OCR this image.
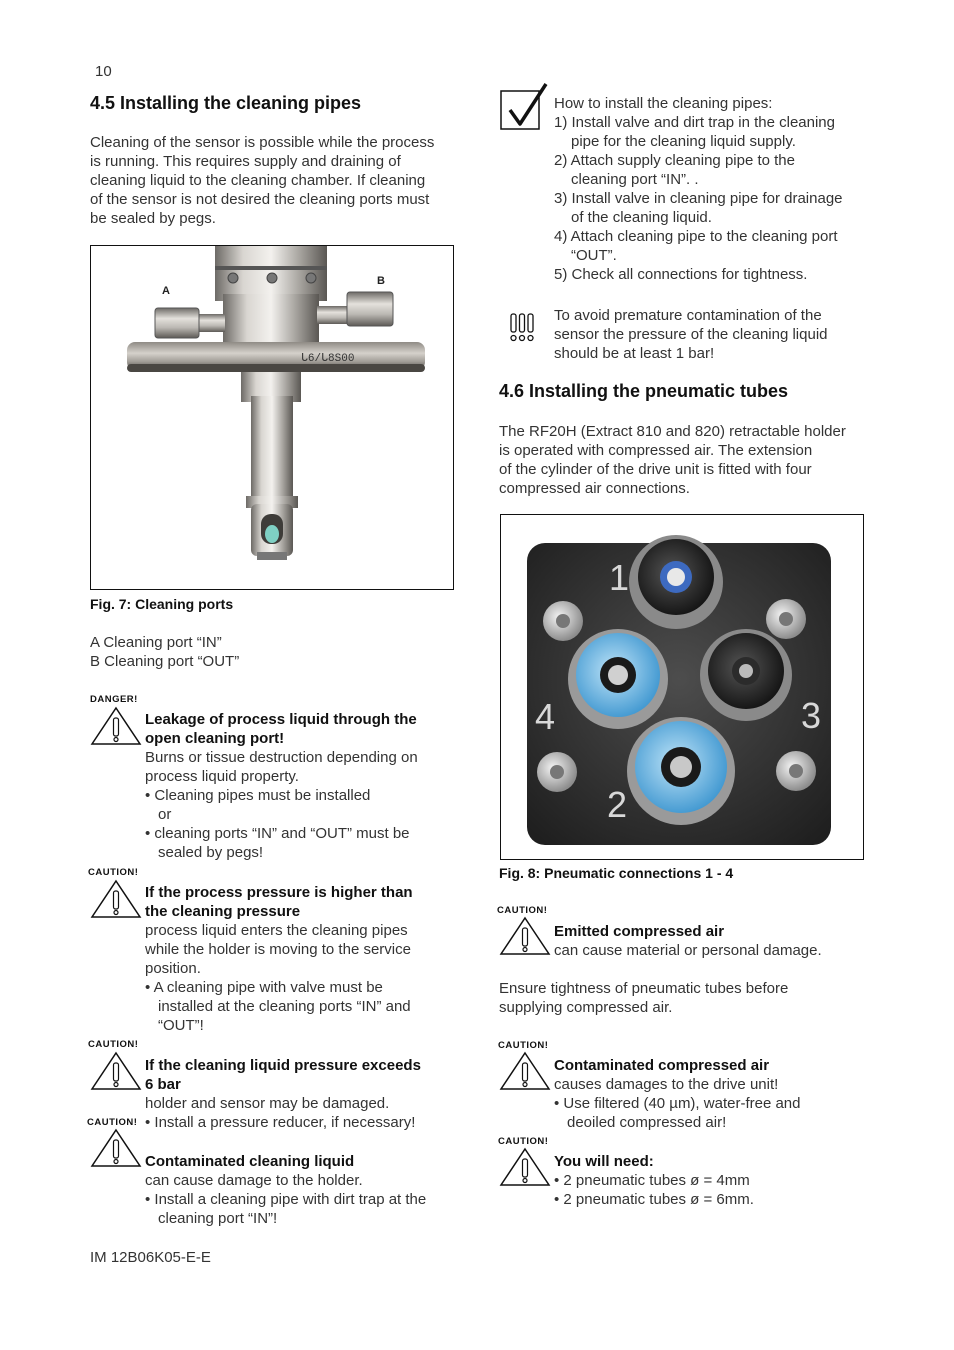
10
4.5 Installing the cleaning pipes
Cleaning of the sensor is possible while the process
is running. This requires supply and draining of
cleaning liquid to the cleaning chamber. If cleaning
of the sensor is not desired the cleaning ports must
be sealed by pegs.
ᒐ6/ᒐ8S00
A
B
Fig. 7: Cleaning ports
A Cleaning port “IN”
B Cleaning port “OUT”
DANGER!
Leakage of process liquid through the
open cleaning port!
Burns or tissue destruction depending on
process liquid property.
• Cleaning pipes must be installed
or
• cleaning ports “IN” and “OUT” must be
sealed by pegs!
CAUTION!
If the process pressure is higher than
the cleaning pressure
process liquid enters the cleaning pipes
while the holder is moving to the service
position.
• A cleaning pipe with valve must be
installed at the cleaning ports “IN” and
“OUT”!
CAUTION!
If the cleaning liquid pressure exceeds
6 bar
holder and sensor may be damaged.
• Install a pressure reducer, if necessary!
CAUTION!
Contaminated cleaning liquid
can cause damage to the holder.
• Install a cleaning pipe with dirt trap at the
cleaning port “IN”!
IM 12B06K05-E-E
How to install the cleaning pipes:
1) Install valve and dirt trap in the cleaning
pipe for the cleaning liquid supply.
2) Attach supply cleaning pipe to the
cleaning port “IN”. .
3) Install valve in cleaning pipe for drainage
of the cleaning liquid.
4) Attach cleaning pipe to the cleaning port
“OUT”.
5) Check all connections for tightness.
To avoid premature contamination of the
sensor the pressure of the cleaning liquid
should be at least 1 bar!
4.6 Installing the pneumatic tubes
The RF20H (Extract 810 and 820) retractable holder
is operated with compressed air. The extension
of the cylinder of the drive unit is fitted with four
compressed air connections.
1
2
3
4
Fig. 8: Pneumatic connections 1 - 4
CAUTION!
Emitted compressed air
can cause material or personal damage.
Ensure tightness of pneumatic tubes before
supplying compressed air.
CAUTION!
Contaminated compressed air
causes damages to the drive unit!
• Use filtered (40 µm), water-free and
deoiled compressed air!
CAUTION!
You will need:
• 2 pneumatic tubes ø = 4mm
• 2 pneumatic tubes ø = 6mm.
